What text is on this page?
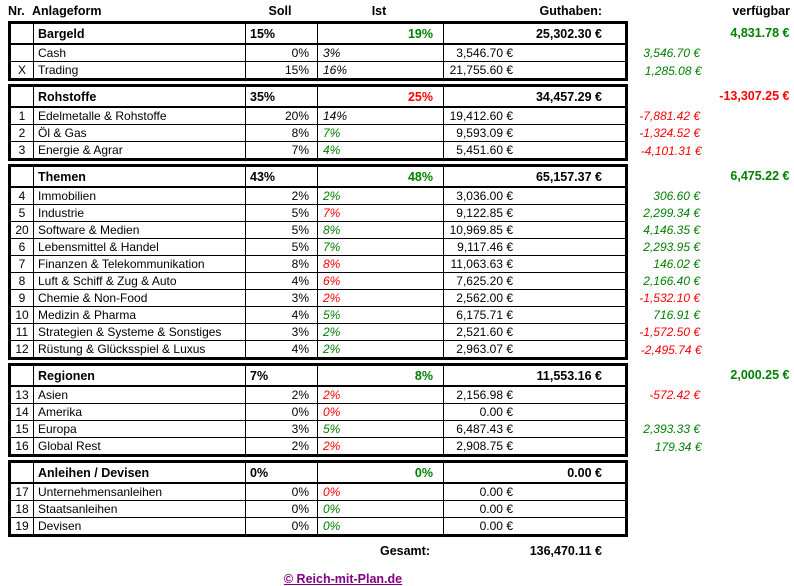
Nr.	Anlageform	Soll	Ist	Guthaben:		verfügbar
	Bargeld	15%	19%	25,302.30 €		4,831.78 €
	Cash	0%	3%	3,546.70 €	3,546.70 €	
X	Trading	15%	16%	21,755.60 €	1,285.08 €	
	Rohstoffe	35%	25%	34,457.29 €		-13,307.25 €
1	Edelmetalle & Rohstoffe	20%	14%	19,412.60 €	-7,881.42 €	
2	Öl & Gas	8%	7%	9,593.09 €	-1,324.52 €	
3	Energie & Agrar	7%	4%	5,451.60 €	-4,101.31 €	
	Themen	43%	48%	65,157.37 €		6,475.22 €
4	Immobilien	2%	2%	3,036.00 €	306.60 €	
5	Industrie	5%	7%	9,122.85 €	2,299.34 €	
20	Software & Medien	5%	8%	10,969.85 €	4,146.35 €	
6	Lebensmittel & Handel	5%	7%	9,117.46 €	2,293.95 €	
7	Finanzen & Telekommunikation	8%	8%	11,063.63 €	146.02 €	
8	Luft & Schiff & Zug & Auto	4%	6%	7,625.20 €	2,166.40 €	
9	Chemie & Non-Food	3%	2%	2,562.00 €	-1,532.10 €	
10	Medizin & Pharma	4%	5%	6,175.71 €	716.91 €	
11	Strategien & Systeme & Sonstiges	3%	2%	2,521.60 €	-1,572.50 €	
12	Rüstung & Glücksspiel & Luxus	4%	2%	2,963.07 €	-2,495.74 €	
	Regionen	7%	8%	11,553.16 €		2,000.25 €
13	Asien	2%	2%	2,156.98 €	-572.42 €	
14	Amerika	0%	0%	0.00 €		
15	Europa	3%	5%	6,487.43 €	2,393.33 €	
16	Global Rest	2%	2%	2,908.75 €	179.34 €	
	Anleihen / Devisen	0%	0%	0.00 €		
17	Unternehmensanleihen	0%	0%	0.00 €		
18	Staatsanleihen	0%	0%	0.00 €		
19	Devisen	0%	0%	0.00 €		
			Gesamt:	136,470.11 €		
© Reich-mit-Plan.de
